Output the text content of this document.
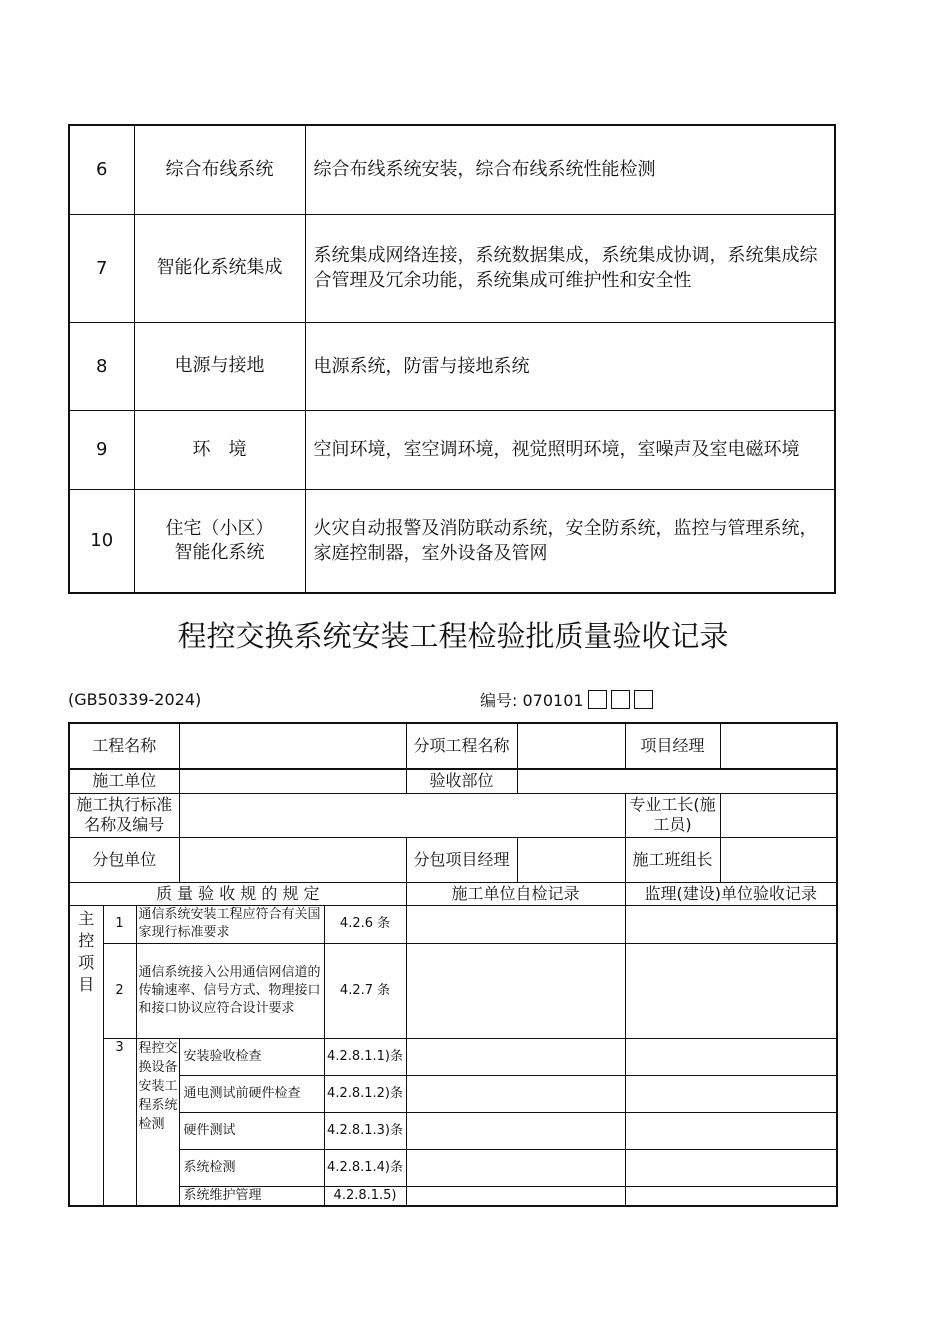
6	综合布线系统	综合布线系统安装，综合布线系统性能检测
7	智能化系统集成	系统集成网络连接，系统数据集成，系统集成协调，系统集成综合管理及冗余功能，系统集成可维护性和安全性
8	电源与接地	电源系统，防雷与接地系统
9	环　境	空间环境，室空调环境，视觉照明环境，室噪声及室电磁环境
10	住宅（小区）智能化系统	火灾自动报警及消防联动系统，安全防系统，监控与管理系统，家庭控制器，室外设备及管网
程控交换系统安装工程检验批质量验收记录
(GB50339-2024)	编号: 070101
工程名称					分项工程名称		项目经理	
施工单位					验收部位			
施工执行标准名称及编号							专业工长(施工员)	
分包单位					分包项目经理		施工班组长	
质 量 验 收 规 的 规 定					施工单位自检记录		监理(建设)单位验收记录	
主控项目	1	通信系统安装工程应符合有关国家现行标准要求		4.2.6 条				
	2	通信系统接入公用通信网信道的传输速率、信号方式、物理接口和接口协议应符合设计要求		4.2.7 条				
	3	程控交换设备安装工程系统检测	安装验收检查	4.2.8.1.1)条				
			通电测试前硬件检查	4.2.8.1.2)条				
			硬件测试	4.2.8.1.3)条				
			系统检测	4.2.8.1.4)条				
			系统维护管理	4.2.8.1.5)				
